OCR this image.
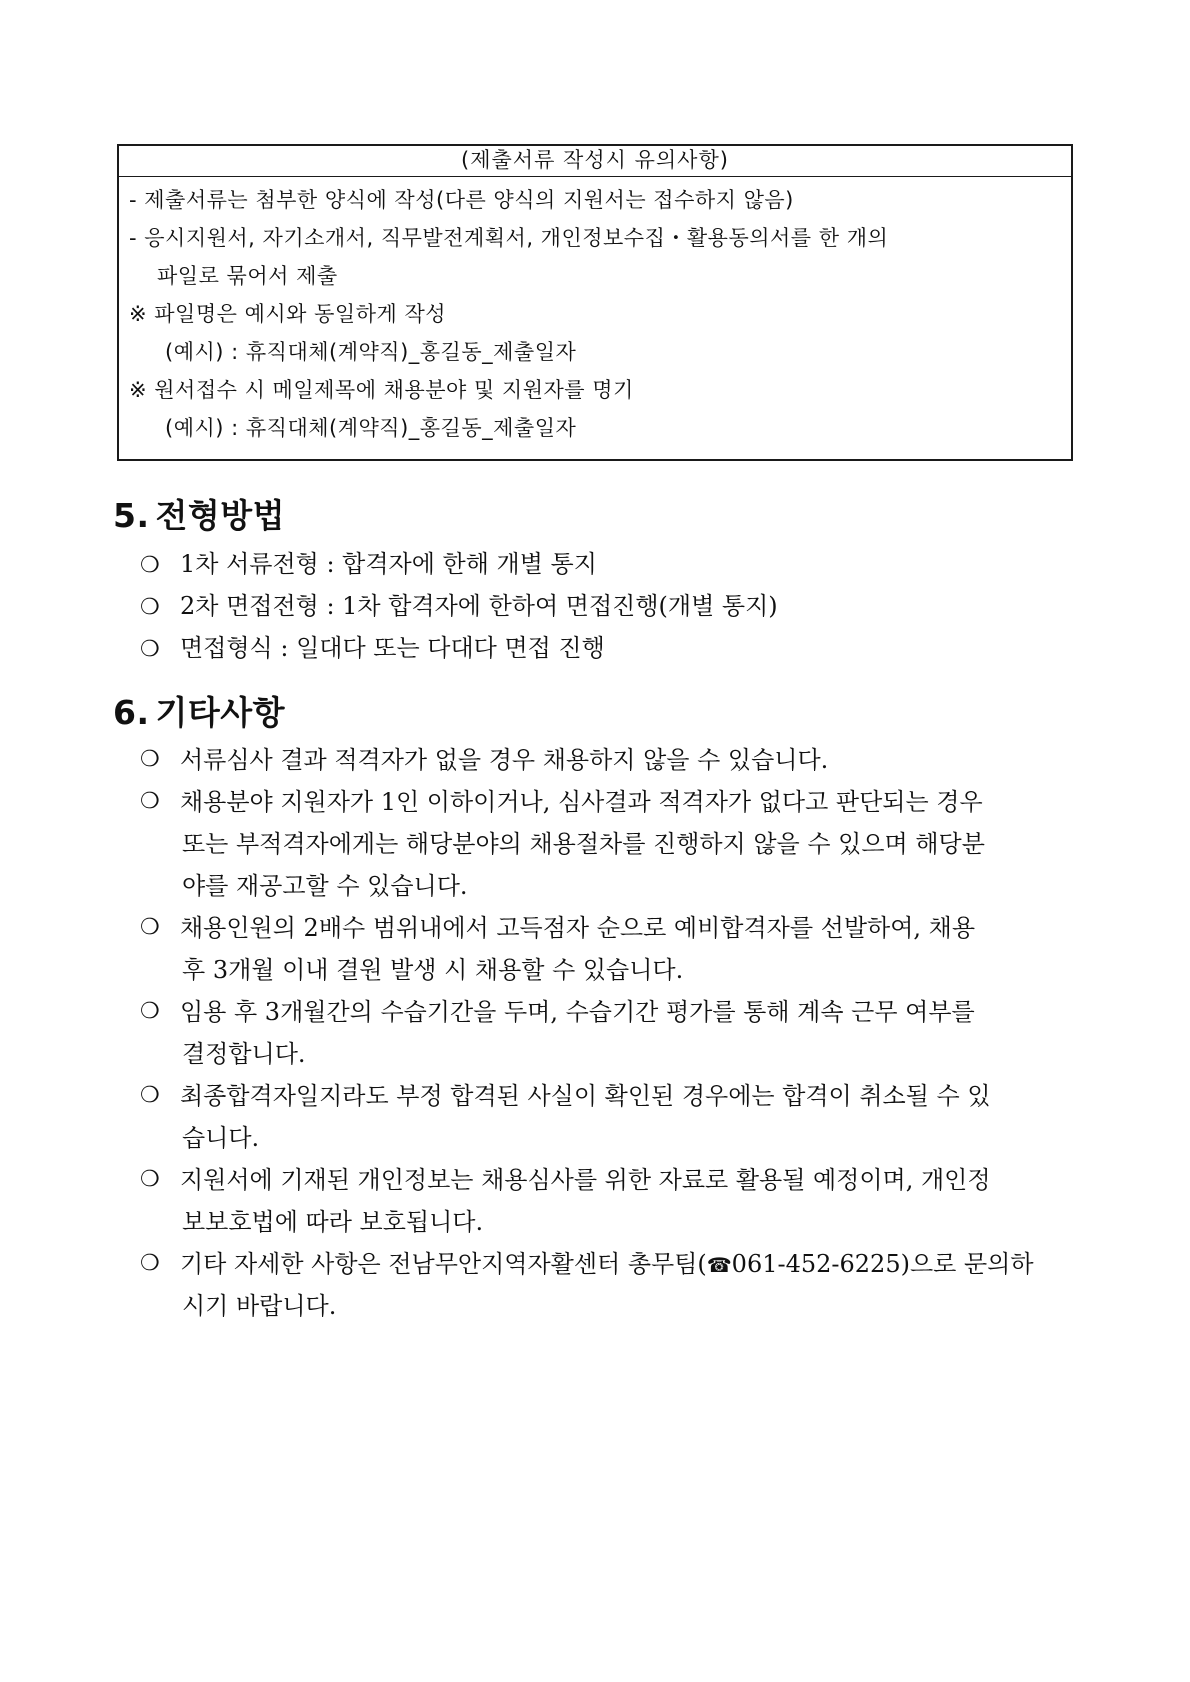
(제출서류 작성시 유의사항)
- 제출서류는 첨부한 양식에 작성(다른 양식의 지원서는 접수하지 않음)
- 응시지원서, 자기소개서, 직무발전계획서, 개인정보수집・활용동의서를 한 개의
파일로 묶어서 제출
※ 파일명은 예시와 동일하게 작성
(예시) : 휴직대체(계약직)_홍길동_제출일자
※ 원서접수 시 메일제목에 채용분야 및 지원자를 명기
(예시) : 휴직대체(계약직)_홍길동_제출일자
5. 전형방법
❍ 1차 서류전형 : 합격자에 한해 개별 통지
❍ 2차 면접전형 : 1차 합격자에 한하여 면접진행(개별 통지)
❍ 면접형식 : 일대다 또는 다대다 면접 진행
6. 기타사항
❍ 서류심사 결과 적격자가 없을 경우 채용하지 않을 수 있습니다.
❍ 채용분야 지원자가 1인 이하이거나, 심사결과 적격자가 없다고 판단되는 경우
또는 부적격자에게는 해당분야의 채용절차를 진행하지 않을 수 있으며 해당분
야를 재공고할 수 있습니다.
❍ 채용인원의 2배수 범위내에서 고득점자 순으로 예비합격자를 선발하여, 채용
후 3개월 이내 결원 발생 시 채용할 수 있습니다.
❍ 임용 후 3개월간의 수습기간을 두며, 수습기간 평가를 통해 계속 근무 여부를
결정합니다.
❍ 최종합격자일지라도 부정 합격된 사실이 확인된 경우에는 합격이 취소될 수 있
습니다.
❍ 지원서에 기재된 개인정보는 채용심사를 위한 자료로 활용될 예정이며, 개인정
보보호법에 따라 보호됩니다.
❍ 기타 자세한 사항은 전남무안지역자활센터 총무팀(☎061-452-6225)으로 문의하
시기 바랍니다.
